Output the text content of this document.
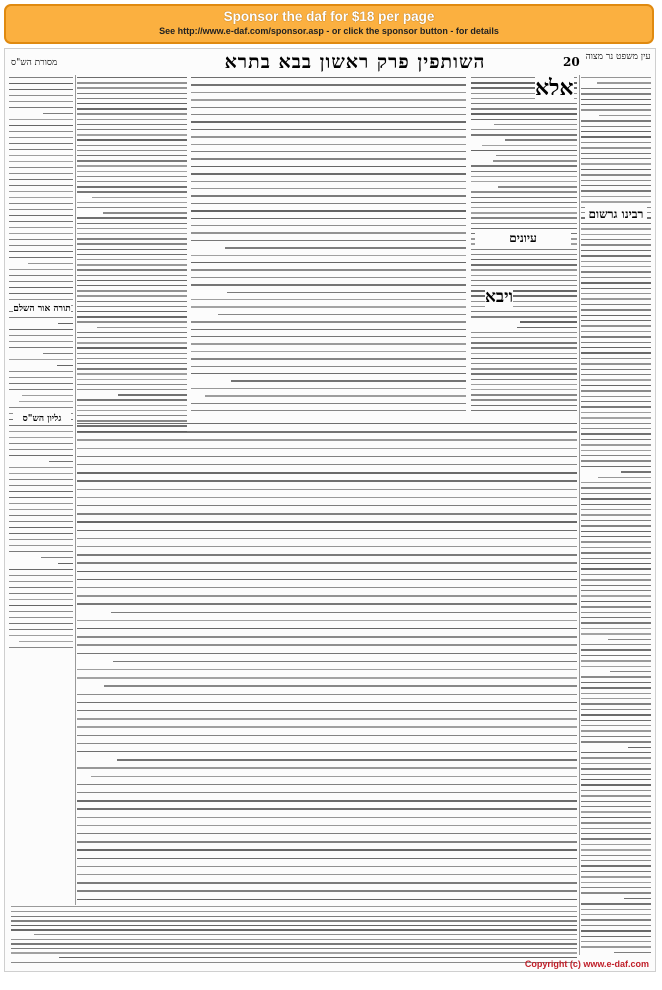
Sponsor the daf for $18 per page
See http://www.e-daf.com/sponsor.asp - or click the sponsor button - for details
מסורת הש"ס	השותפין פרק ראשון בבא בתרא	20 עין משפט נר מצוה
אלא
ויבא
רבינו גרשום
עיונים
תורה אור השלם
גליון הש"ס
Copyright (c) www.e-daf.com
